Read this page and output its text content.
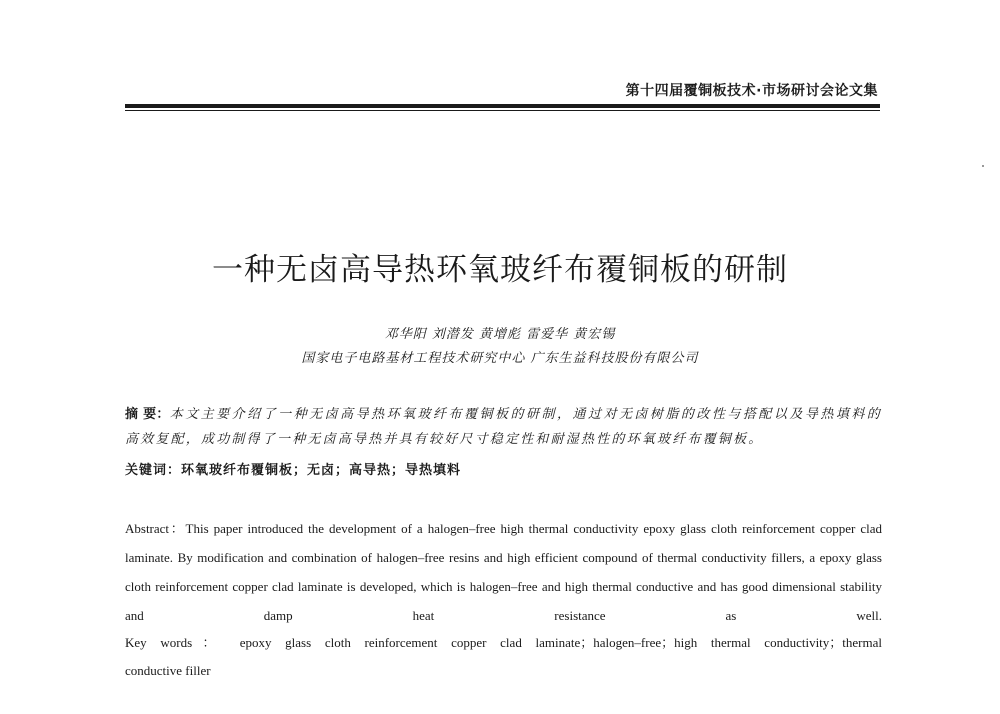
第十四届覆铜板技术·市场研讨会论文集
一种无卤高导热环氧玻纤布覆铜板的研制
邓华阳 刘潜发 黄增彪 雷爱华 黄宏锡
国家电子电路基材工程技术研究中心 广东生益科技股份有限公司
摘 要：本文主要介绍了一种无卤高导热环氧玻纤布覆铜板的研制，通过对无卤树脂的改性与搭配以及导热填料的高效复配，成功制得了一种无卤高导热并具有较好尺寸稳定性和耐湿热性的环氧玻纤布覆铜板。
关键词：环氧玻纤布覆铜板；无卤；高导热；导热填料
Abstract：This paper introduced the development of a halogen–free high thermal conductivity epoxy glass cloth reinforcement copper clad laminate. By modification and combination of halogen–free resins and high efficient compound of thermal conductivity fillers, a epoxy glass cloth reinforcement copper clad laminate is developed, which is halogen–free and high thermal conductive and has good dimensional stability and damp heat resistance as well.
Key words： epoxy glass cloth reinforcement copper clad laminate；halogen–free；high thermal conductivity；thermal
conductive filler
